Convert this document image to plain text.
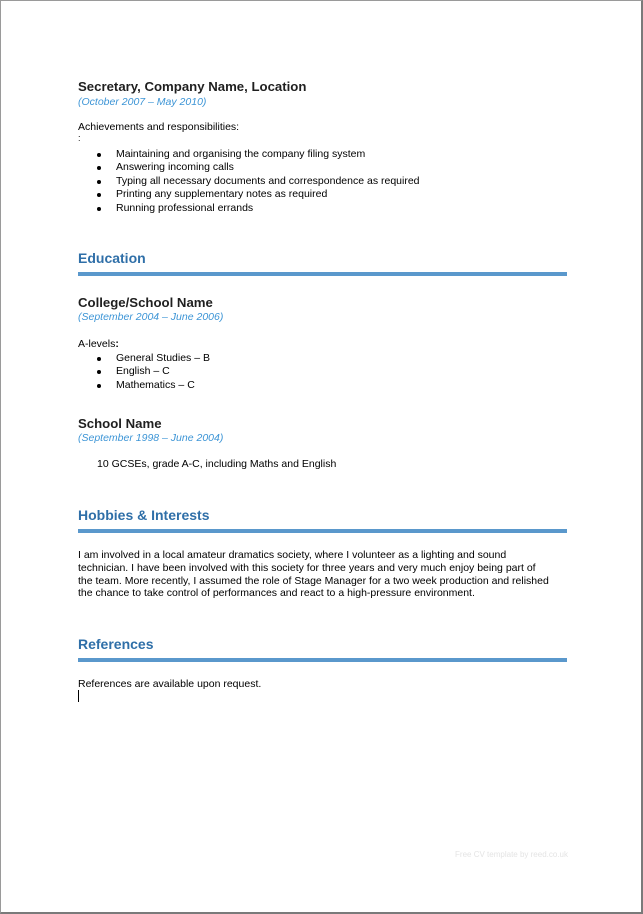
Secretary, Company Name, Location
(October 2007 – May 2010)
Achievements and responsibilities:
:
Maintaining and organising the company filing system
Answering incoming calls
Typing all necessary documents and correspondence as required
Printing any supplementary notes as required
Running professional errands
Education
College/School Name
(September 2004 – June 2006)
A-levels:
General Studies – B
English – C
Mathematics – C
School Name
(September 1998 – June 2004)
10 GCSEs, grade A-C, including Maths and English
Hobbies & Interests
I am involved in a local amateur dramatics society, where I volunteer as a lighting and sound
technician. I have been involved with this society for three years and very much enjoy being part of
the team. More recently, I assumed the role of Stage Manager for a two week production and relished
the chance to take control of performances and react to a high-pressure environment.
References
References are available upon request.
Free CV template by reed.co.uk
